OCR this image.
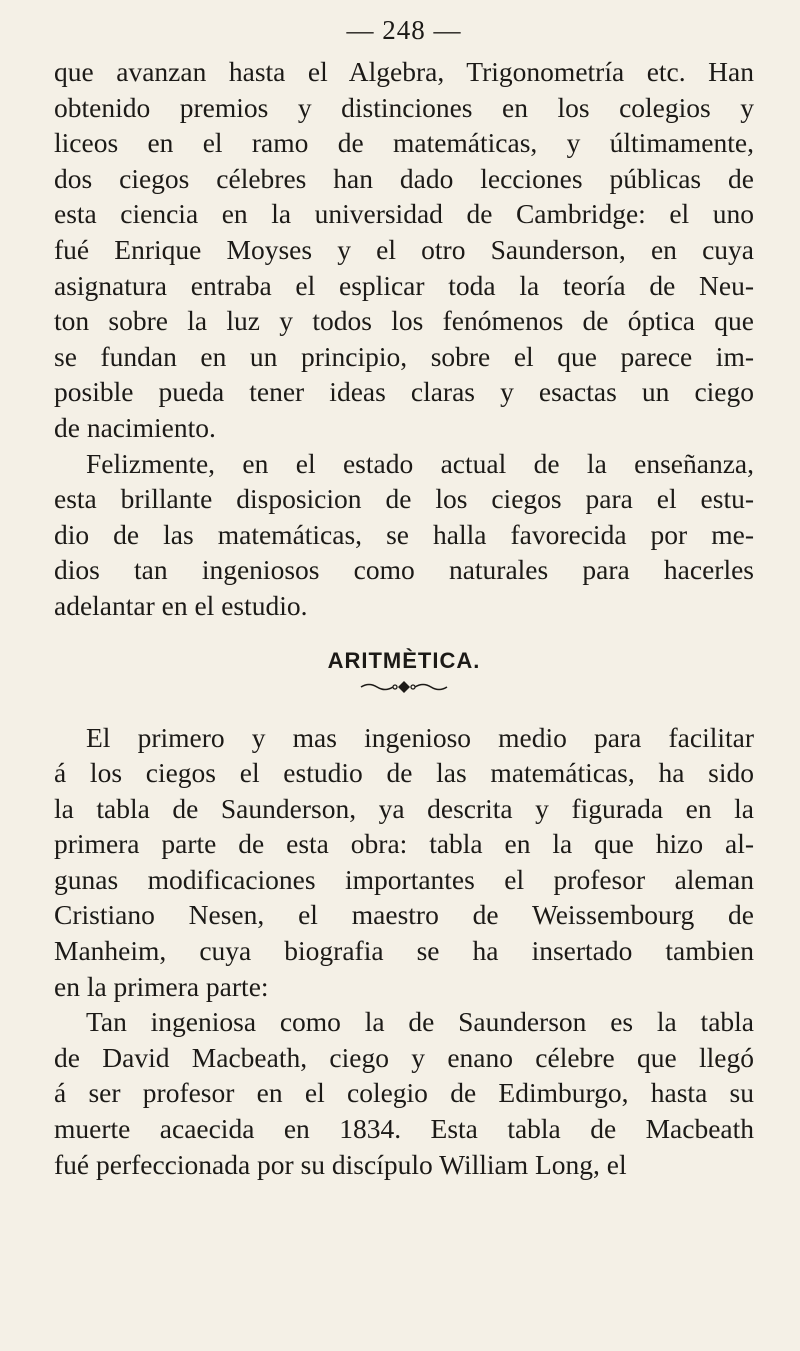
— 248 —

que avanzan hasta el Algebra, Trigonometría etc. Han
obtenido premios y distinciones en los colegios y
liceos en el ramo de matemáticas, y últimamente,
dos ciegos célebres han dado lecciones públicas de
esta ciencia en la universidad de Cambridge: el uno
fué Enrique Moyses y el otro Saunderson, en cuya
asignatura entraba el esplicar toda la teoría de Neu-
ton sobre la luz y todos los fenómenos de óptica que
se fundan en un principio, sobre el que parece im-
posible pueda tener ideas claras y esactas un ciego
de nacimiento.

Felizmente, en el estado actual de la enseñanza,
esta brillante disposicion de los ciegos para el estu-
dio de las matemáticas, se halla favorecida por me-
dios tan ingeniosos como naturales para hacerles
adelantar en el estudio.

ARITMÈTICA.

El primero y mas ingenioso medio para facilitar
á los ciegos el estudio de las matemáticas, ha sido
la tabla de Saunderson, ya descrita y figurada en la
primera parte de esta obra: tabla en la que hizo al-
gunas modificaciones importantes el profesor aleman
Cristiano Nesen, el maestro de Weissembourg de
Manheim, cuya biografia se ha insertado tambien
en la primera parte:

Tan ingeniosa como la de Saunderson es la tabla
de David Macbeath, ciego y enano célebre que llegó
á ser profesor en el colegio de Edimburgo, hasta su
muerte acaecida en 1834. Esta tabla de Macbeath
fué perfeccionada por su discípulo William Long, el
